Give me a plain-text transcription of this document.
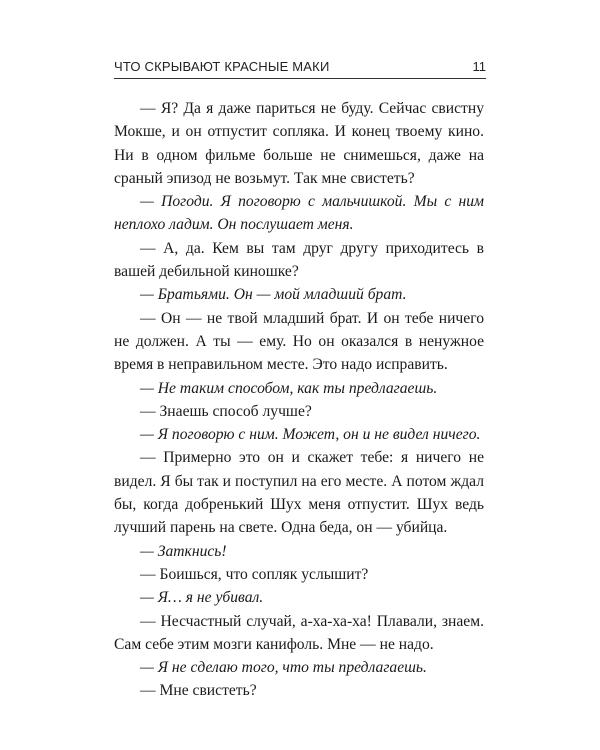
ЧТО СКРЫВАЮТ КРАСНЫЕ МАКИ	11

— Я? Да я даже париться не буду. Сейчас свистну Мокше, и он отпустит сопляка. И конец твоему кино. Ни в одном фильме больше не снимешься, даже на сраный эпизод не возьмут. Так мне свистеть?

— Погоди. Я поговорю с мальчишкой. Мы с ним неплохо ладим. Он послушает меня.

— А, да. Кем вы там друг другу приходитесь в вашей дебильной киношке?

— Братьями. Он — мой младший брат.

— Он — не твой младший брат. И он тебе ничего не должен. А ты — ему. Но он оказался в ненужное время в неправильном месте. Это надо исправить.

— Не таким способом, как ты предлагаешь.

— Знаешь способ лучше?

— Я поговорю с ним. Может, он и не видел ничего.

— Примерно это он и скажет тебе: я ничего не видел. Я бы так и поступил на его месте. А потом ждал бы, когда добренький Шух меня отпустит. Шух ведь лучший парень на свете. Одна беда, он — убийца.

— Заткнись!

— Боишься, что сопляк услышит?

— Я… я не убивал.

— Несчастный случай, а-ха-ха-ха! Плавали, знаем. Сам себе этим мозги канифоль. Мне — не надо.

— Я не сделаю того, что ты предлагаешь.

— Мне свистеть?
